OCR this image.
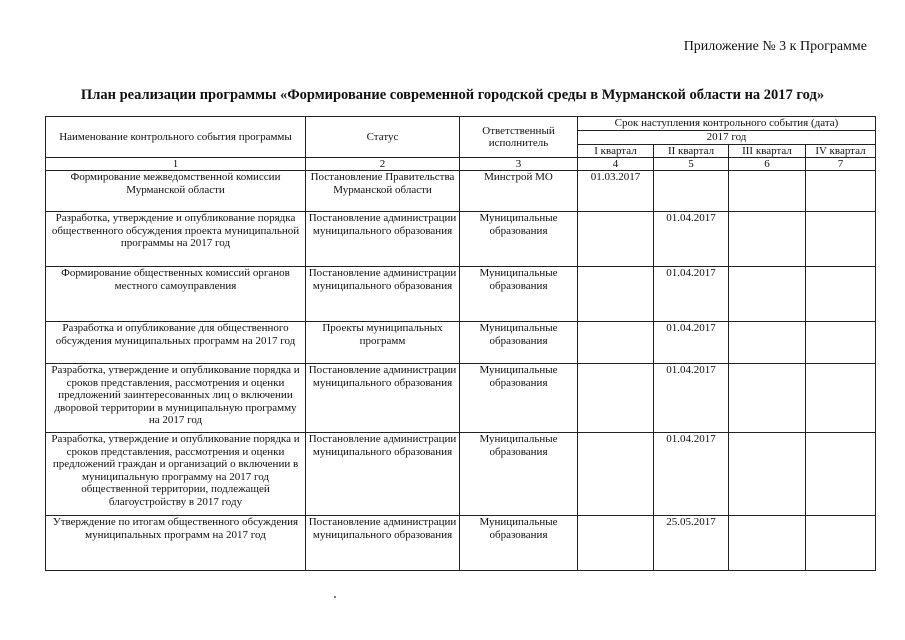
Приложение № 3 к Программе
План реализации программы «Формирование современной городской среды в Мурманской области на 2017 год»
Наименование контрольного события программы	Статус	Ответственный исполнитель	Срок наступления контрольного события (дата)			
			2017 год			
			I квартал	II квартал	III квартал	IV квартал
1	2	3	4	5	6	7
Формирование межведомственной комиссии Мурманской области	Постановление Правительства Мурманской области	Минстрой МО	01.03.2017			
Разработка, утверждение и опубликование порядка общественного обсуждения проекта муниципальной программы на 2017 год	Постановление администрации муниципального образования	Муниципальные образования		01.04.2017		
Формирование общественных комиссий органов местного самоуправления	Постановление администрации муниципального образования	Муниципальные образования		01.04.2017		
Разработка и опубликование для общественного обсуждения муниципальных программ на 2017 год	Проекты муниципальных программ	Муниципальные образования		01.04.2017		
Разработка, утверждение и опубликование порядка и сроков представления, рассмотрения и оценки предложений заинтересованных лиц о включении дворовой территории в муниципальную программу на 2017 год	Постановление администрации муниципального образования	Муниципальные образования		01.04.2017		
Разработка, утверждение и опубликование порядка и сроков представления, рассмотрения и оценки предложений граждан и организаций о включении в муниципальную программу на 2017 год общественной территории, подлежащей благоустройству в 2017 году	Постановление администрации муниципального образования	Муниципальные образования		01.04.2017		
Утверждение по итогам общественного обсуждения муниципальных программ на 2017 год	Постановление администрации муниципального образования	Муниципальные образования		25.05.2017		
